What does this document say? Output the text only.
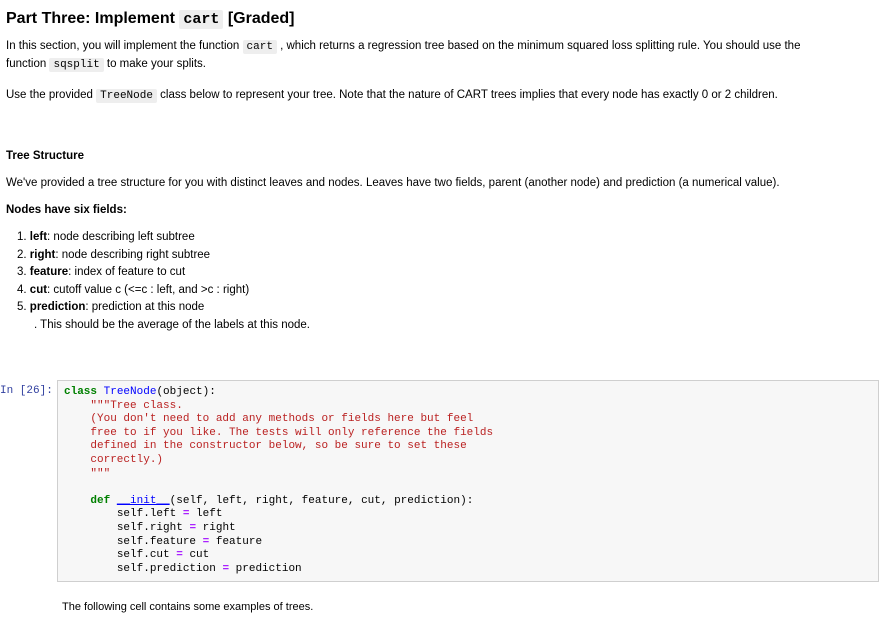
Part Three: Implement cart [Graded]

In this section, you will implement the function cart , which returns a regression tree based on the minimum squared loss splitting rule. You should use the
function sqsplit to make your splits.

Use the provided TreeNode class below to represent your tree. Note that the nature of CART trees implies that every node has exactly 0 or 2 children.

Tree Structure

We've provided a tree structure for you with distinct leaves and nodes. Leaves have two fields, parent (another node) and prediction (a numerical value).

Nodes have six fields:

1. left: node describing left subtree
2. right: node describing right subtree
3. feature: index of feature to cut
4. cut: cutoff value c (<=c : left, and >c : right)
5. prediction: prediction at this node
. This should be the average of the labels at this node.
In [26]:	class TreeNode(object):
"""Tree class.
(You don't need to add any methods or fields here but feel
free to if you like. The tests will only reference the fields
defined in the constructor below, so be sure to set these
correctly.)
"""

def __init__(self, left, right, feature, cut, prediction):
self.left = left
self.right = right
self.feature = feature
self.cut = cut
self.prediction = prediction
The following cell contains some examples of trees.
